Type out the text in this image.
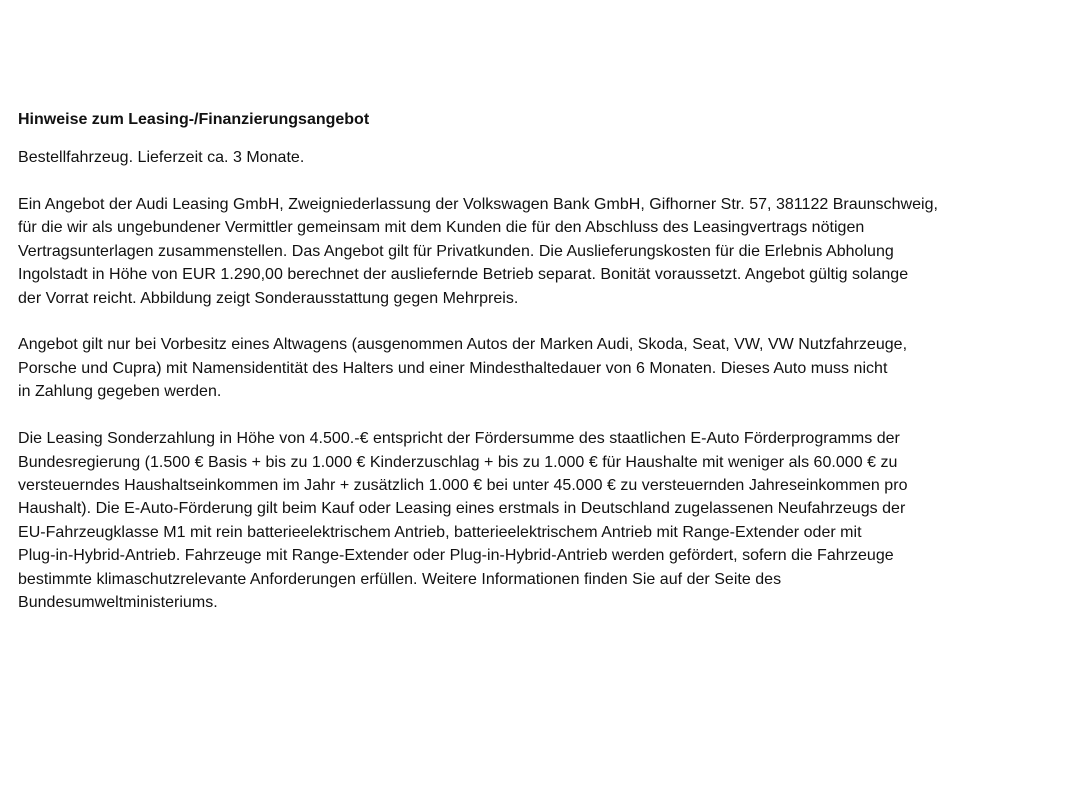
Hinweise zum Leasing-/Finanzierungsangebot
Bestellfahrzeug. Lieferzeit ca. 3 Monate.
Ein Angebot der Audi Leasing GmbH, Zweigniederlassung der Volkswagen Bank GmbH, Gifhorner Str. 57, 381122 Braunschweig,
für die wir als ungebundener Vermittler gemeinsam mit dem Kunden die für den Abschluss des Leasingvertrags nötigen
Vertragsunterlagen zusammenstellen. Das Angebot gilt für Privatkunden. Die Auslieferungskosten für die Erlebnis Abholung
Ingolstadt in Höhe von EUR 1.290,00 berechnet der ausliefernde Betrieb separat. Bonität voraussetzt. Angebot gültig solange
der Vorrat reicht. Abbildung zeigt Sonderausstattung gegen Mehrpreis.
Angebot gilt nur bei Vorbesitz eines Altwagens (ausgenommen Autos der Marken Audi, Skoda, Seat, VW, VW Nutzfahrzeuge,
Porsche und Cupra) mit Namensidentität des Halters und einer Mindesthaltedauer von 6 Monaten. Dieses Auto muss nicht
in Zahlung gegeben werden.
Die Leasing Sonderzahlung in Höhe von 4.500.-€ entspricht der Fördersumme des staatlichen E-Auto Förderprogramms der
Bundesregierung (1.500 € Basis + bis zu 1.000 € Kinderzuschlag + bis zu 1.000 € für Haushalte mit weniger als 60.000 € zu
versteuerndes Haushaltseinkommen im Jahr + zusätzlich 1.000 € bei unter 45.000 € zu versteuernden Jahreseinkommen pro
Haushalt). Die E-Auto-Förderung gilt beim Kauf oder Leasing eines erstmals in Deutschland zugelassenen Neufahrzeugs der
EU-Fahrzeugklasse M1 mit rein batterieelektrischem Antrieb, batterieelektrischem Antrieb mit Range-Extender oder mit
Plug-in-Hybrid-Antrieb. Fahrzeuge mit Range-Extender oder Plug-in-Hybrid-Antrieb werden gefördert, sofern die Fahrzeuge
bestimmte klimaschutzrelevante Anforderungen erfüllen. Weitere Informationen finden Sie auf der Seite des
Bundesumweltministeriums.
